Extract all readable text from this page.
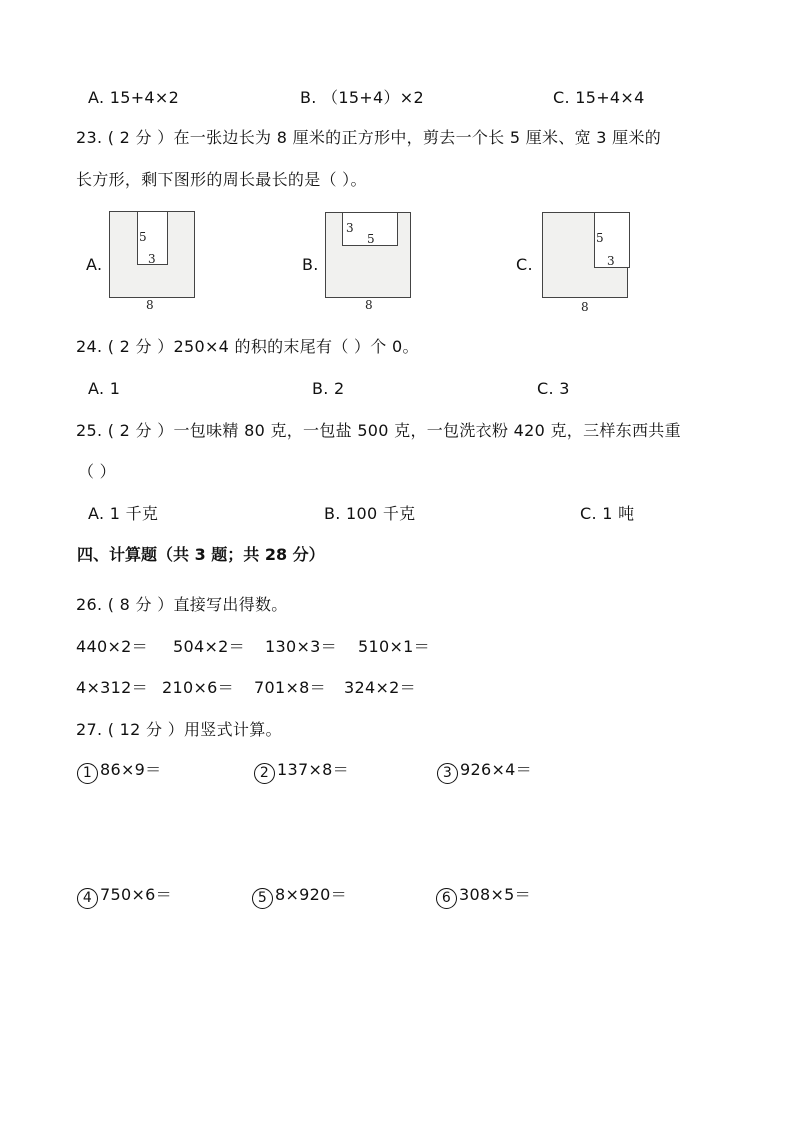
A. 15+4×2	B. （15+4）×2	C. 15+4×4
23. ( 2 分 ）在一张边长为 8 厘米的正方形中，剪去一个长 5 厘米、宽 3 厘米的
长方形，剩下图形的周长最长的是（ ）。
A.
5
3
8
B.
3
5
8
C.
5
3
8
24. ( 2 分 ）250×4 的积的末尾有（ ）个 0。
A. 1	B. 2	C. 3
25. ( 2 分 ）一包味精 80 克，一包盐 500 克，一包洗衣粉 420 克，三样东西共重
（ ）
A. 1 千克	B. 100 千克	C. 1 吨
四、计算题（共 3 题；共 28 分）
26. ( 8 分 ）直接写出得数。
440×2＝ 504×2＝ 130×3＝ 510×1＝
4×312＝ 210×6＝ 701×8＝ 324×2＝
27. ( 12 分 ）用竖式计算。
1 86×9＝	2 137×8＝	3 926×4＝
4 750×6＝	5 8×920＝	6 308×5＝
